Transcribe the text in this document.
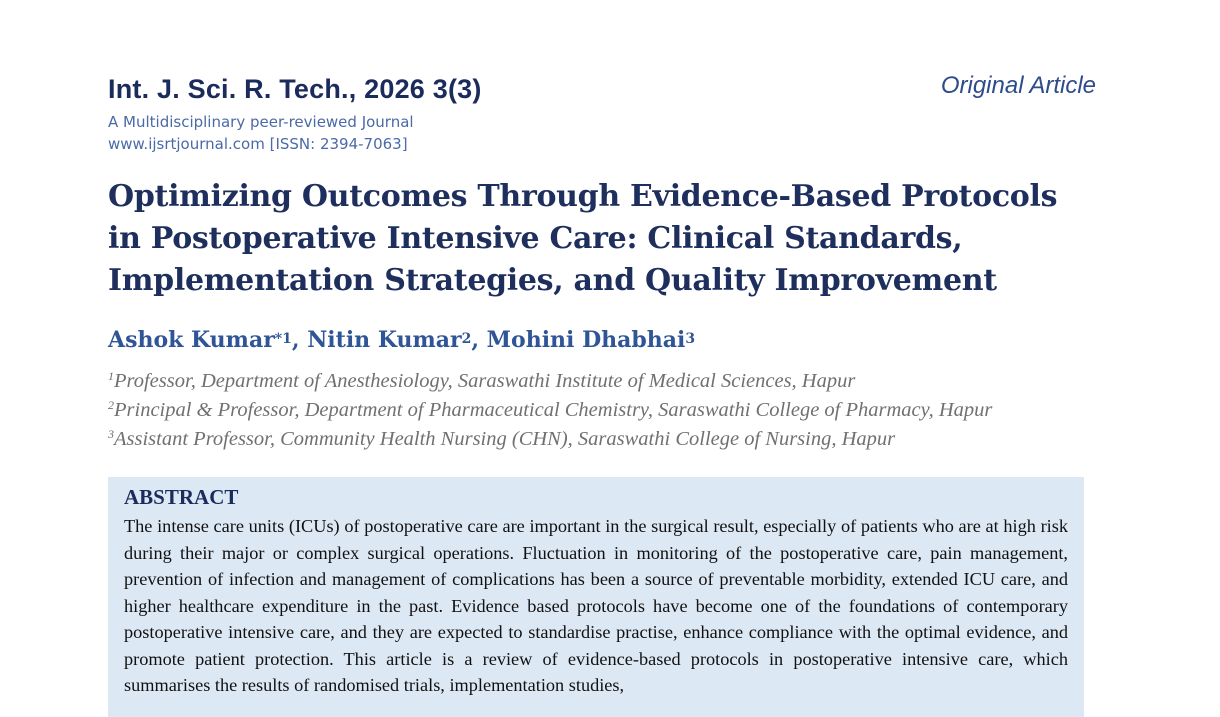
Int. J. Sci. R. Tech., 2026 3(3)	Original Article
A Multidisciplinary peer-reviewed Journal
www.ijsrtjournal.com [ISSN: 2394-7063]
Optimizing Outcomes Through Evidence-Based Protocols
in Postoperative Intensive Care: Clinical Standards,
Implementation Strategies, and Quality Improvement
Ashok Kumar$^{*1}$, Nitin Kumar$^2$, Mohini Dhabhai$^3$
$^1$Professor, Department of Anesthesiology, Saraswathi Institute of Medical Sciences, Hapur
$^2$Principal & Professor, Department of Pharmaceutical Chemistry, Saraswathi College of Pharmacy, Hapur
$^3$Assistant Professor, Community Health Nursing (CHN), Saraswathi College of Nursing, Hapur
ABSTRACT

The intense care units (ICUs) of postoperative care are important in the surgical result, especially of patients who are at high risk during their major or complex surgical operations. Fluctuation in monitoring of the postoperative care, pain management, prevention of infection and management of complications has been a source of preventable morbidity, extended ICU care, and higher healthcare expenditure in the past. Evidence based protocols have become one of the foundations of contemporary postoperative intensive care, and they are expected to standardise practise, enhance compliance with the optimal evidence, and promote patient protection. This article is a review of evidence-based protocols in postoperative intensive care, which summarises the results of randomised trials, implementation studies,
